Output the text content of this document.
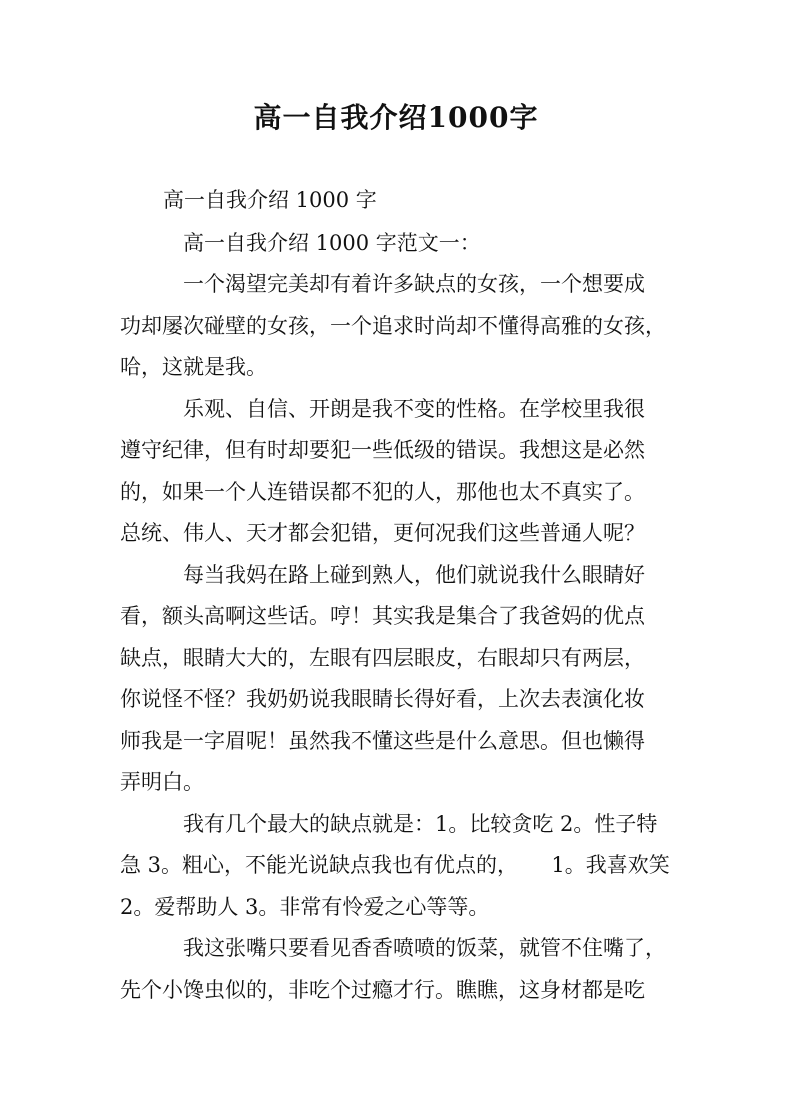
高一自我介绍1000字
高一自我介绍 1000 字
高一自我介绍 1000 字范文一：
一个渴望完美却有着许多缺点的女孩，一个想要成
功却屡次碰壁的女孩，一个追求时尚却不懂得高雅的女孩，
哈，这就是我。
乐观、自信、开朗是我不变的性格。在学校里我很
遵守纪律，但有时却要犯一些低级的错误。我想这是必然
的，如果一个人连错误都不犯的人，那他也太不真实了。
总统、伟人、天才都会犯错，更何况我们这些普通人呢？
每当我妈在路上碰到熟人，他们就说我什么眼睛好
看，额头高啊这些话。哼！其实我是集合了我爸妈的优点
缺点，眼睛大大的，左眼有四层眼皮，右眼却只有两层，
你说怪不怪？我奶奶说我眼睛长得好看，上次去表演化妆
师我是一字眉呢！虽然我不懂这些是什么意思。但也懒得
弄明白。
我有几个最大的缺点就是：1。比较贪吃 2。性子特
急 3。粗心，不能光说缺点我也有优点的，     1。我喜欢笑
2。爱帮助人 3。非常有怜爱之心等等。
我这张嘴只要看见香香喷喷的饭菜，就管不住嘴了，
先个小馋虫似的，非吃个过瘾才行。瞧瞧，这身材都是吃
